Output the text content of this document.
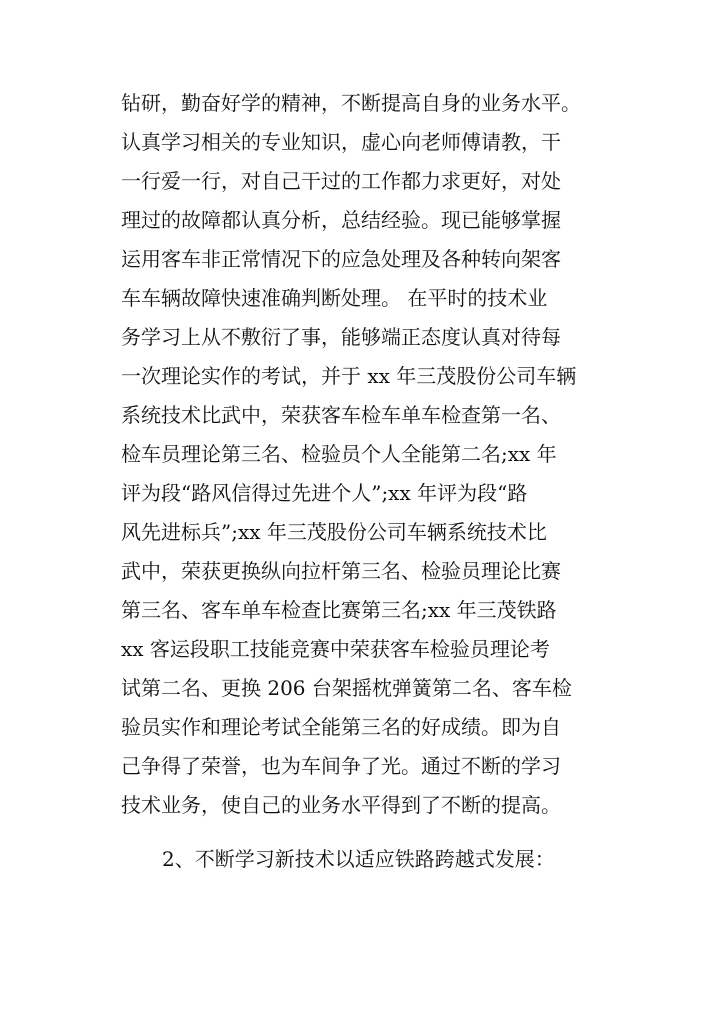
钻研，勤奋好学的精神，不断提高自身的业务水平。
认真学习相关的专业知识，虚心向老师傅请教，干
一行爱一行，对自己干过的工作都力求更好，对处
理过的故障都认真分析，总结经验。现已能够掌握
运用客车非正常情况下的应急处理及各种转向架客
车车辆故障快速准确判断处理。 在平时的技术业
务学习上从不敷衍了事，能够端正态度认真对待每
一次理论实作的考试，并于 xx 年三茂股份公司车辆
系统技术比武中，荣获客车检车单车检查第一名、
检车员理论第三名、检验员个人全能第二名;xx 年
评为段“路风信得过先进个人”;xx 年评为段“路
风先进标兵”;xx 年三茂股份公司车辆系统技术比
武中，荣获更换纵向拉杆第三名、检验员理论比赛
第三名、客车单车检查比赛第三名;xx 年三茂铁路
xx 客运段职工技能竞赛中荣获客车检验员理论考
试第二名、更换 206 台架摇枕弹簧第二名、客车检
验员实作和理论考试全能第三名的好成绩。即为自
己争得了荣誉，也为车间争了光。通过不断的学习
技术业务，使自己的业务水平得到了不断的提高。
2、不断学习新技术以适应铁路跨越式发展：
